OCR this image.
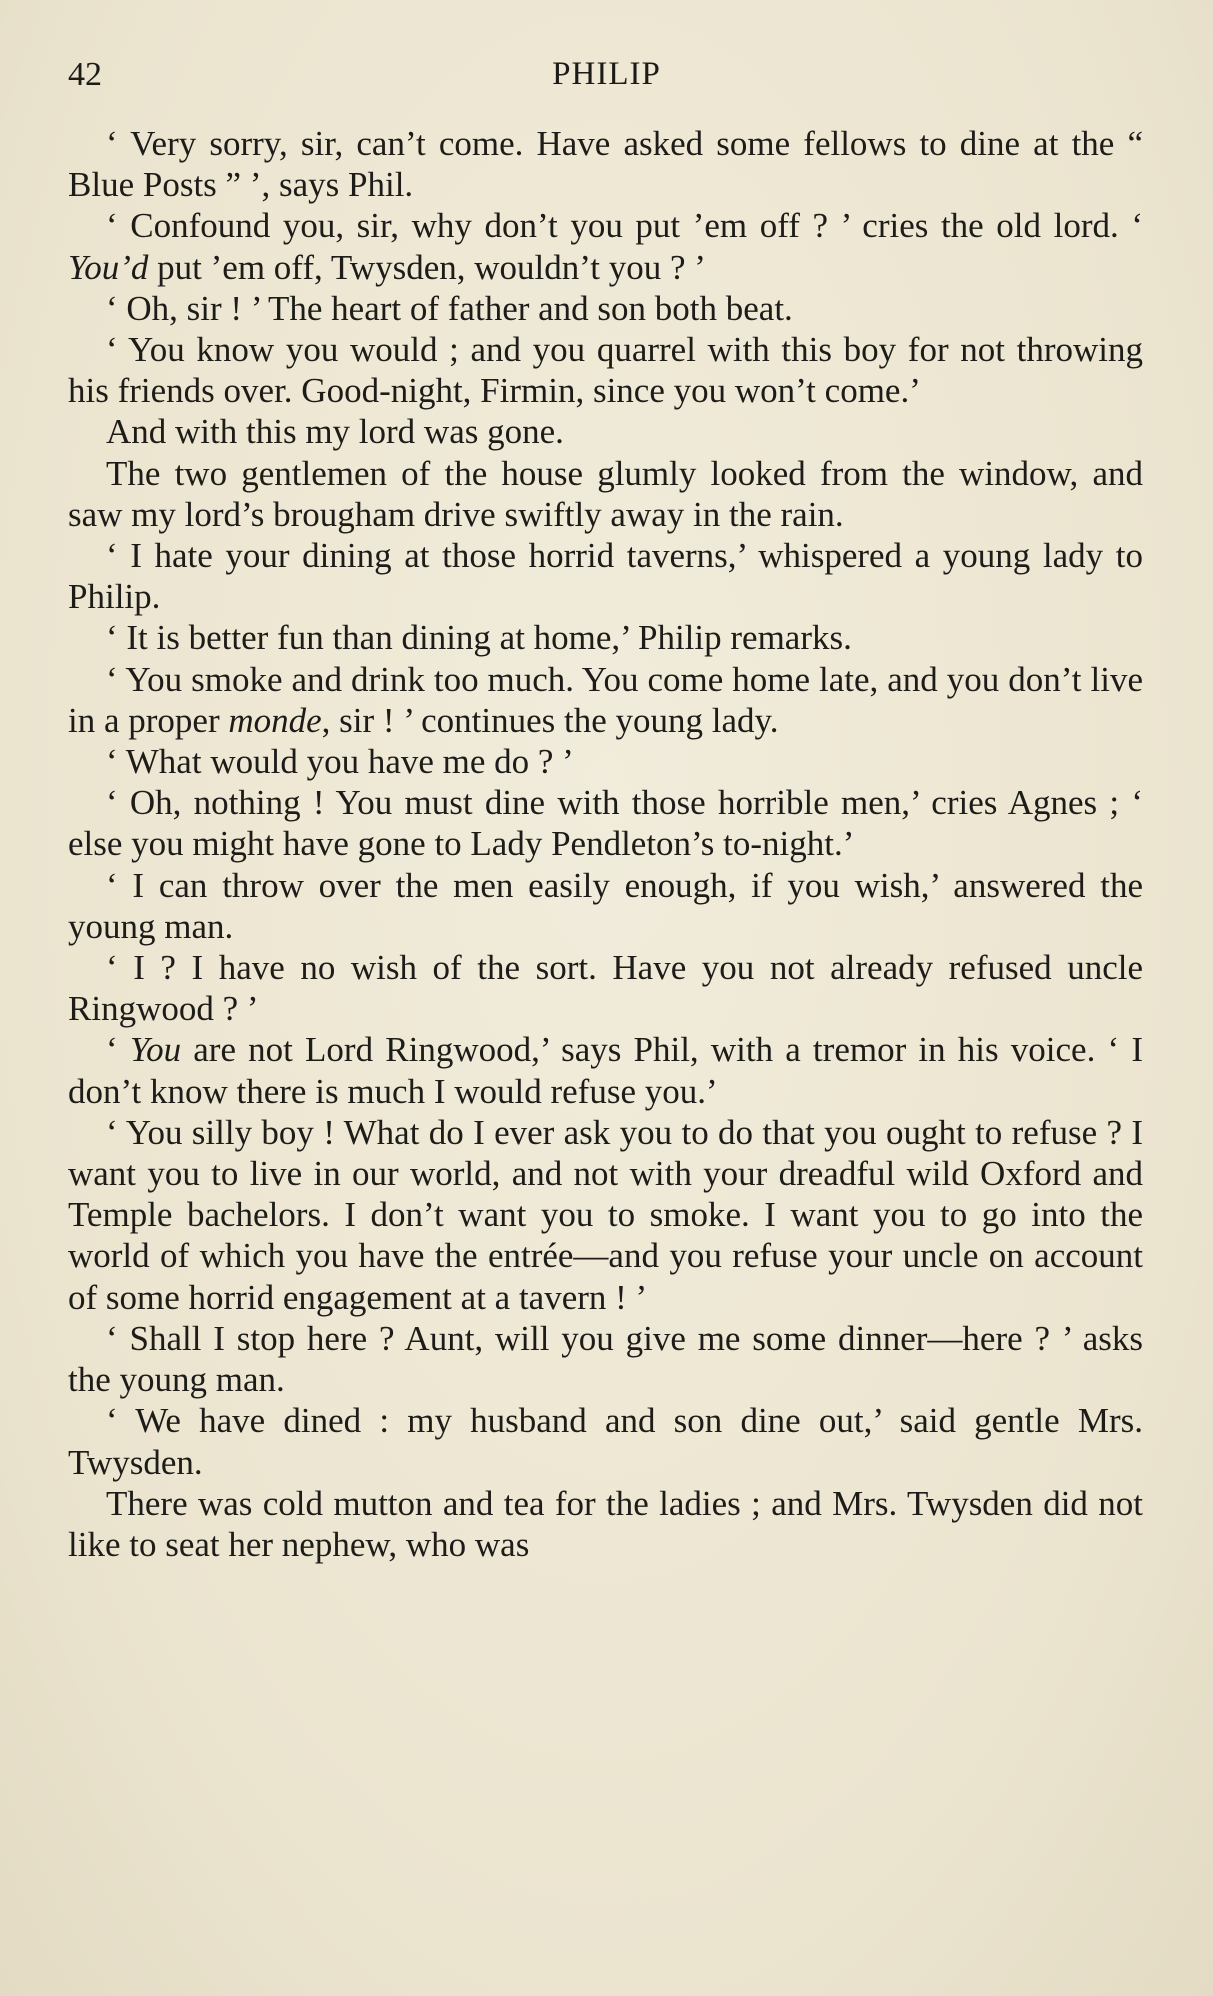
42	PHILIP

‘ Very sorry, sir, can’t come. Have asked some fellows to dine at the “ Blue Posts ” ’, says Phil.

‘ Confound you, sir, why don’t you put ’em off ? ’ cries the old lord. ‘ You’d put ’em off, Twysden, wouldn’t you ? ’

‘ Oh, sir ! ’ The heart of father and son both beat.

‘ You know you would ; and you quarrel with this boy for not throwing his friends over. Good-night, Firmin, since you won’t come.’

And with this my lord was gone.

The two gentlemen of the house glumly looked from the window, and saw my lord’s brougham drive swiftly away in the rain.

‘ I hate your dining at those horrid taverns,’ whispered a young lady to Philip.

‘ It is better fun than dining at home,’ Philip remarks.

‘ You smoke and drink too much. You come home late, and you don’t live in a proper monde, sir ! ’ continues the young lady.

‘ What would you have me do ? ’

‘ Oh, nothing ! You must dine with those horrible men,’ cries Agnes ; ‘ else you might have gone to Lady Pendleton’s to-night.’

‘ I can throw over the men easily enough, if you wish,’ answered the young man.

‘ I ? I have no wish of the sort. Have you not already refused uncle Ringwood ? ’

‘ You are not Lord Ringwood,’ says Phil, with a tremor in his voice. ‘ I don’t know there is much I would refuse you.’

‘ You silly boy ! What do I ever ask you to do that you ought to refuse ? I want you to live in our world, and not with your dreadful wild Oxford and Temple bachelors. I don’t want you to smoke. I want you to go into the world of which you have the entrée—and you refuse your uncle on account of some horrid engagement at a tavern ! ’

‘ Shall I stop here ? Aunt, will you give me some dinner—here ? ’ asks the young man.

‘ We have dined : my husband and son dine out,’ said gentle Mrs. Twysden.

There was cold mutton and tea for the ladies ; and Mrs. Twysden did not like to seat her nephew, who was
